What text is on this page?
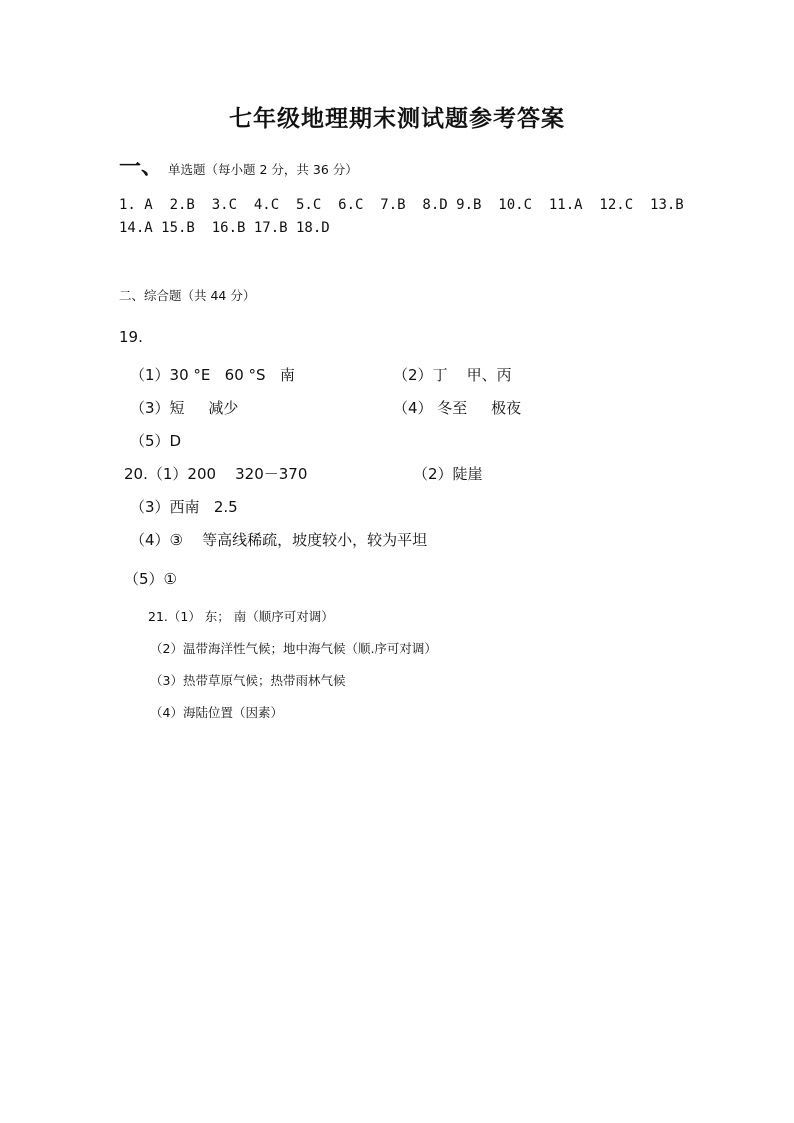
七年级地理期末测试题参考答案
一、 单选题（每小题 2 分，共 36 分）
1. A  2.B  3.C  4.C  5.C  6.C  7.B  8.D 9.B  10.C  11.A  12.C  13.B
14.A 15.B  16.B 17.B 18.D
二、综合题（共 44 分）
19.
（1）30 °E   60 °S   南	（2）丁    甲、丙
（3）短     减少	（4） 冬至     极夜
（5）D
20.（1）200    320－370	（2）陡崖
（3）西南   2.5
（4）③    等高线稀疏，坡度较小，较为平坦
（5）①
21.（1） 东； 南（顺序可对调）
（2）温带海洋性气候；地中海气候（顺.序可对调）
（3）热带草原气候；热带雨林气候
（4）海陆位置（因素）
